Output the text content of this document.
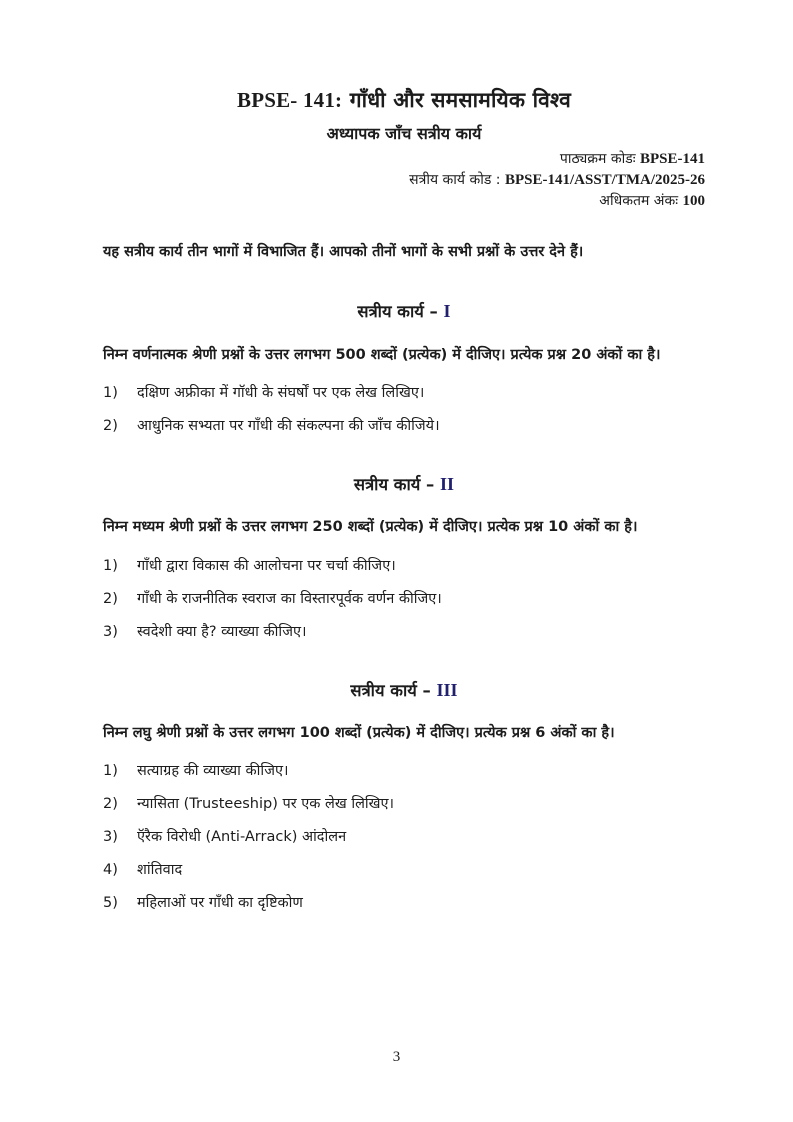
BPSE- 141: गाँधी और समसामयिक विश्व
अध्यापक जाँच सत्रीय कार्य
पाठ्यक्रम कोडः BPSE-141
सत्रीय कार्य कोड : BPSE-141/ASST/TMA/2025-26
अधिकतम अंकः 100

यह सत्रीय कार्य तीन भागों में विभाजित हैं। आपको तीनों भागों के सभी प्रश्नों के उत्तर देने हैं।

सत्रीय कार्य – I

निम्न वर्णनात्मक श्रेणी प्रश्नों के उत्तर लगभग 500 शब्दों (प्रत्येक) में दीजिए। प्रत्येक प्रश्न 20 अंकों का है।

1)	दक्षिण अफ्रीका में गॉधी के संघर्षों पर एक लेख लिखिए।
2)	आधुनिक सभ्यता पर गाँधी की संकल्पना की जाँच कीजिये।
सत्रीय कार्य – II

निम्न मध्यम श्रेणी प्रश्नों के उत्तर लगभग 250 शब्दों (प्रत्येक) में दीजिए। प्रत्येक प्रश्न 10 अंकों का है।

1)	गाँधी द्वारा विकास की आलोचना पर चर्चा कीजिए।
2)	गाँधी के राजनीतिक स्वराज का विस्तारपूर्वक वर्णन कीजिए।
3)	स्वदेशी क्या है? व्याख्या कीजिए।
सत्रीय कार्य – III

निम्न लघु श्रेणी प्रश्नों के उत्तर लगभग 100 शब्दों (प्रत्येक) में दीजिए। प्रत्येक प्रश्न 6 अंकों का है।

1)	सत्याग्रह की व्याख्या कीजिए।
2)	न्यासिता (Trusteeship) पर एक लेख लिखिए।
3)	ऍरैक विरोधी (Anti-Arrack) आंदोलन
4)	शांतिवाद
5)	महिलाओं पर गाँधी का दृष्टिकोण
3
